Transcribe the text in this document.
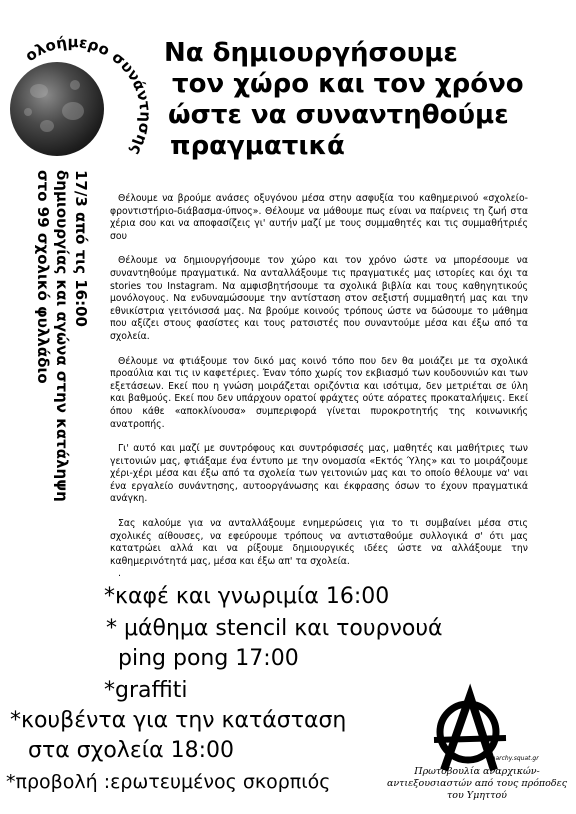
ολοήμερο συνάντησης
Να δημιουργήσουμε
τον χώρο και τον χρόνο
ώστε να συναντηθούμε
πραγματικά
17/3 από τις 16:00
δημιουργίας και αγώνα στην κατάληψη
στο 99 σχολικό φυλλάδιο	Θέλουμε να βρούμε ανάσες οξυγόνου μέσα στην ασφυξία του καθημερινού «σχολείο-φροντιστήριο-διάβασμα-ύπνος». Θέλουμε να μάθουμε πως είναι να παίρνεις τη ζωή στα χέρια σου και να αποφασίζεις γι' αυτήν μαζί με τους συμμαθητές και τις συμμαθήτριές σου

Θέλουμε να δημιουργήσουμε τον χώρο και τον χρόνο ώστε να μπορέσουμε να συναντηθούμε πραγματικά. Να ανταλλάξουμε τις πραγματικές μας ιστορίες και όχι τα stories του Instagram. Να αμφισβητήσουμε τα σχολικά βιβλία και τους καθηγητικούς μονόλογους. Να ενδυναμώσουμε την αντίσταση στον σεξιστή συμμαθητή μας και την εθνικίστρια γειτόνισσά μας. Να βρούμε κοινούς τρόπους ώστε να δώσουμε το μάθημα που αξίζει στους φασίστες και τους ρατσιστές που συναντούμε μέσα και έξω από τα σχολεία.

Θέλουμε να φτιάξουμε τον δικό μας κοινό τόπο που δεν θα μοιάζει με τα σχολικά προαύλια και τις ιν καφετέριες. Έναν τόπο χωρίς τον εκβιασμό των κουδουνιών και των εξετάσεων. Εκεί που η γνώση μοιράζεται οριζόντια και ισότιμα, δεν μετριέται σε ύλη και βαθμούς. Εκεί που δεν υπάρχουν ορατοί φράχτες ούτε αόρατες προκαταλήψεις. Εκεί όπου κάθε «αποκλίνουσα» συμπεριφορά γίνεται πυροκροτητής της κοινωνικής ανατροπής.

Γι' αυτό και μαζί με συντρόφους και συντρόφισσές μας, μαθητές και μαθήτριες των γειτονιών μας, φτιάξαμε ένα έντυπο με την ονομασία «Εκτός Ύλης» και το μοιράζουμε χέρι-χέρι μέσα και έξω από τα σχολεία των γειτονιών μας και το οποίο θέλουμε να' ναι ένα εργαλείο συνάντησης, αυτοοργάνωσης και έκφρασης όσων το έχουν πραγματικά ανάγκη.

Σας καλούμε για να ανταλλάξουμε ενημερώσεις για το τι συμβαίνει μέσα στις σχολικές αίθουσες, να εφεύρουμε τρόπους να αντισταθούμε συλλογικά σ' ότι μας κατατρώει αλλά και να ρίξουμε δημιουργικές ιδέες ώστε να αλλάξουμε την καθημερινότητά μας, μέσα και έξω απ' τα σχολεία.

.

*καφέ και γνωριμία 16:00
* μάθημα stencil και τουρνουά
ping pong 17:00
*graffiti
*κουβέντα για την κατάσταση
στα σχολεία 18:00
*προβολή :ερωτευμένος σκορπιός
anarchy.squat.gr
Πρωτοβουλία αναρχικών-αντιεξουσιαστών από τους πρόποδες του Υμηττού
